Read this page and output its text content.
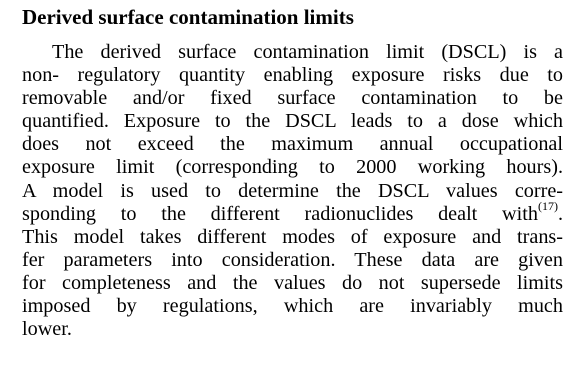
Derived surface contamination limits
The derived surface contamination limit (DSCL) is a
non- regulatory quantity enabling exposure risks due to
removable and/or fixed surface contamination to be
quantified. Exposure to the DSCL leads to a dose which
does not exceed the maximum annual occupational
exposure limit (corresponding to 2000 working hours).
A model is used to determine the DSCL values corre-
sponding to the different radionuclides dealt with$^{(17)}$.
This model takes different modes of exposure and trans-
fer parameters into consideration. These data are given
for completeness and the values do not supersede limits
imposed by regulations, which are invariably much
lower.
